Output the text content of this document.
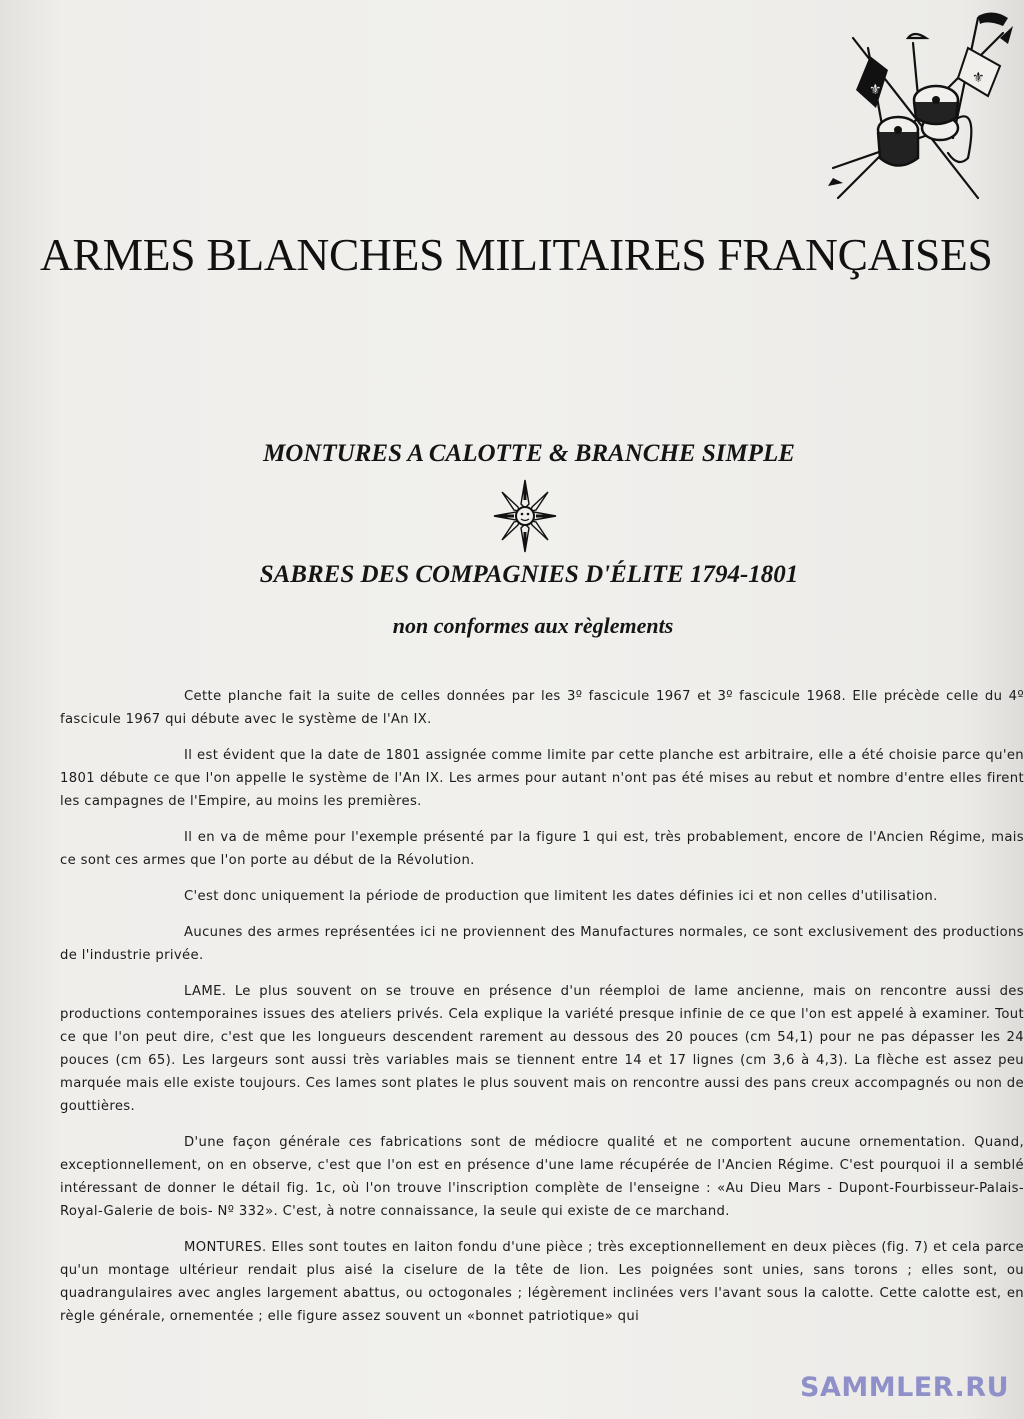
⚜
⚜
ARMES BLANCHES MILITAIRES FRANÇAISES
MONTURES A CALOTTE & BRANCHE SIMPLE
SABRES DES COMPAGNIES D'ÉLITE 1794-1801
non conformes aux règlements

Cette planche fait la suite de celles données par les 3º fascicule 1967 et 3º fascicule 1968. Elle précède celle du 4º fascicule 1967 qui débute avec le système de l'An IX.

Il est évident que la date de 1801 assignée comme limite par cette planche est arbitraire, elle a été choisie parce qu'en 1801 débute ce que l'on appelle le système de l'An IX. Les armes pour autant n'ont pas été mises au rebut et nombre d'entre elles firent les campagnes de l'Empire, au moins les premières.

Il en va de même pour l'exemple présenté par la figure 1 qui est, très probablement, encore de l'Ancien Régime, mais ce sont ces armes que l'on porte au début de la Révolution.

C'est donc uniquement la période de production que limitent les dates définies ici et non celles d'utilisation.

Aucunes des armes représentées ici ne proviennent des Manufactures normales, ce sont exclusivement des productions de l'industrie privée.

LAME. Le plus souvent on se trouve en présence d'un réemploi de lame ancienne, mais on rencontre aussi des productions contemporaines issues des ateliers privés. Cela explique la variété presque infinie de ce que l'on est appelé à examiner. Tout ce que l'on peut dire, c'est que les longueurs descendent rarement au dessous des 20 pouces (cm 54,1) pour ne pas dépasser les 24 pouces (cm 65). Les largeurs sont aussi très variables mais se tiennent entre 14 et 17 lignes (cm 3,6 à 4,3). La flèche est assez peu marquée mais elle existe toujours. Ces lames sont plates le plus souvent mais on rencontre aussi des pans creux accompagnés ou non de gouttières.

D'une façon générale ces fabrications sont de médiocre qualité et ne comportent aucune ornementation. Quand, exceptionnellement, on en observe, c'est que l'on est en présence d'une lame récupérée de l'Ancien Régime. C'est pourquoi il a semblé intéressant de donner le détail fig. 1c, où l'on trouve l'inscription complète de l'enseigne : «Au Dieu Mars - Dupont-Fourbisseur-Palais-Royal-Galerie de bois- Nº 332». C'est, à notre connaissance, la seule qui existe de ce marchand.

MONTURES. Elles sont toutes en laiton fondu d'une pièce ; très exceptionnellement en deux pièces (fig. 7) et cela parce qu'un montage ultérieur rendait plus aisé la ciselure de la tête de lion. Les poignées sont unies, sans torons ; elles sont, ou quadrangulaires avec angles largement abattus, ou octogonales ; légèrement inclinées vers l'avant sous la calotte. Cette calotte est, en règle générale, ornementée ; elle figure assez souvent un «bonnet patriotique» qui

SAMMLER.RU
